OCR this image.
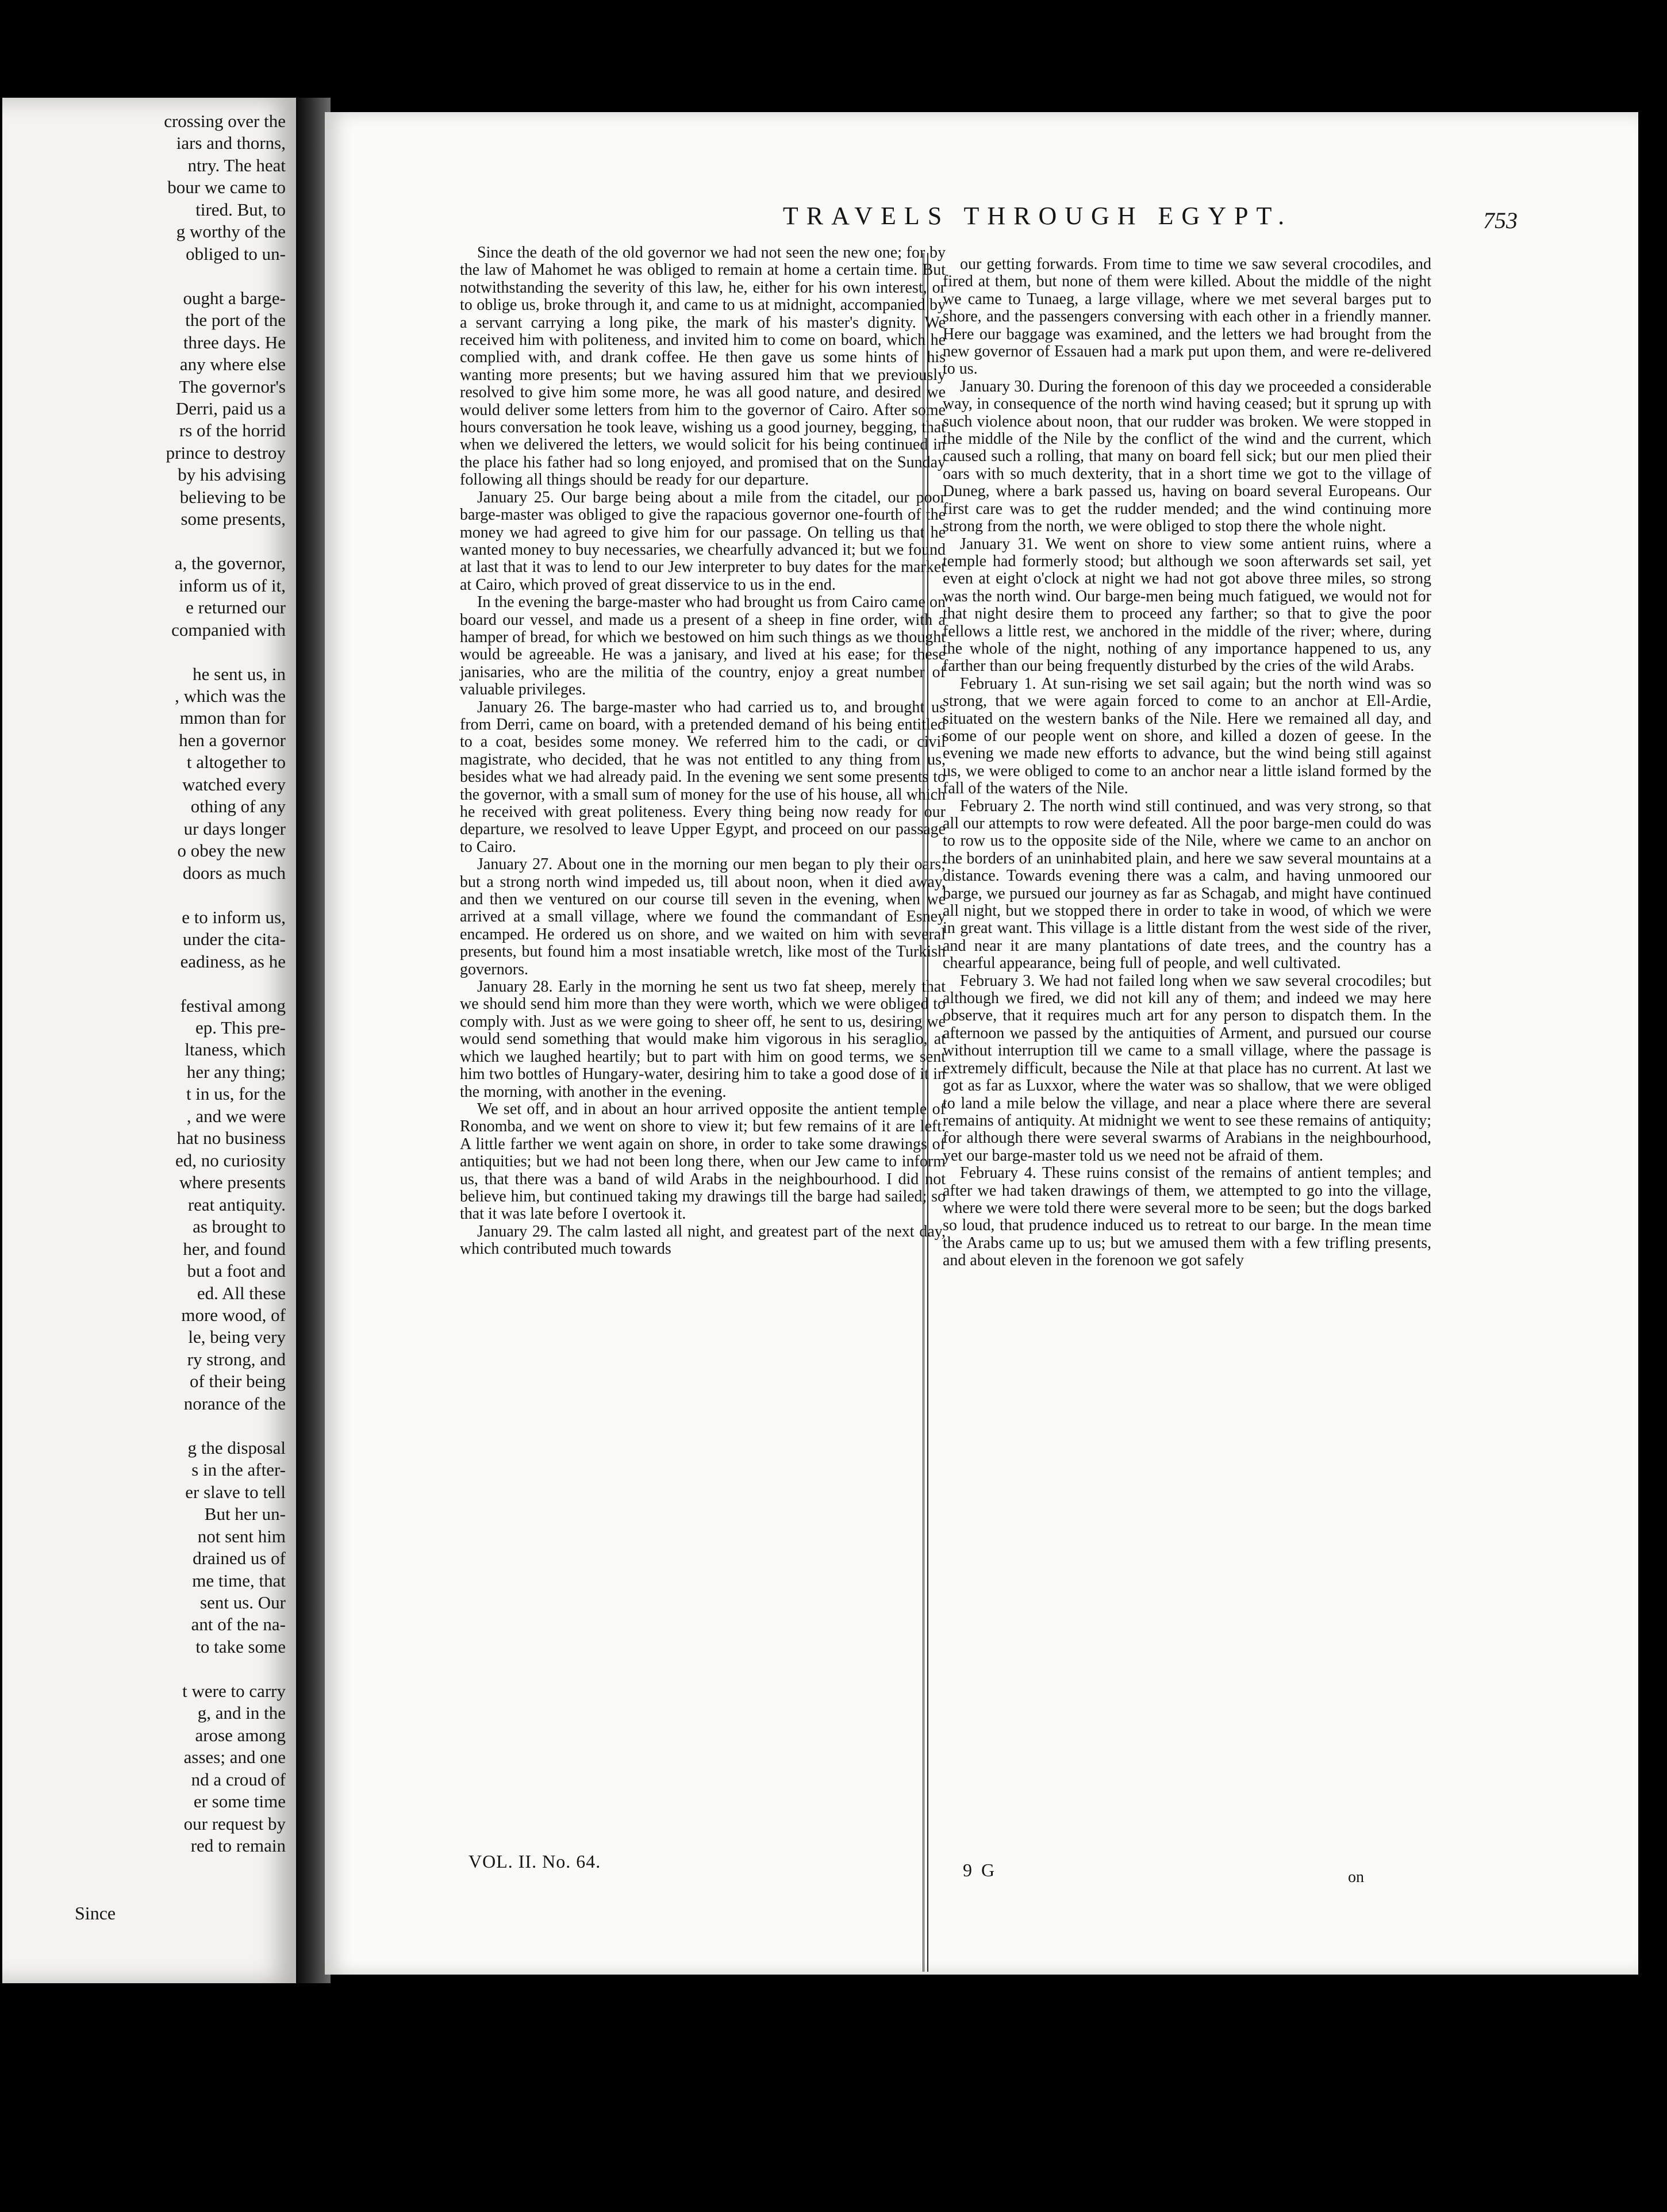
crossing over the
iars and thorns,
ntry. The heat
bour we came to
tired. But, to
g worthy of the
obliged to un-
ought a barge-
the port of the
three days. He
any where else
The governor's
Derri, paid us a
rs of the horrid
prince to destroy
by his advising
believing to be
some presents,
a, the governor,
inform us of it,
e returned our
companied with
he sent us, in
, which was the
mmon than for
hen a governor
t altogether to
watched every
othing of any
ur days longer
o obey the new
doors as much
e to inform us,
under the cita-
eadiness, as he
festival among
ep. This pre-
ltaness, which
her any thing;
t in us, for the
, and we were
hat no business
ed, no curiosity
where presents
reat antiquity.
as brought to
her, and found
but a foot and
ed. All these
more wood, of
le, being very
ry strong, and
of their being
norance of the
g the disposal
s in the after-
er slave to tell
But her un-
not sent him
drained us of
me time, that
sent us. Our
ant of the na-
to take some
t were to carry
g, and in the
arose among
asses; and one
nd a croud of
er some time
our request by
red to remain
Since
TRAVELS THROUGH EGYPT.	753

Since the death of the old governor we had not seen the new one; for by the law of Mahomet he was obliged to remain at home a certain time. But notwithstanding the severity of this law, he, either for his own interest, or to oblige us, broke through it, and came to us at midnight, accompanied by a servant carrying a long pike, the mark of his master's dignity. We received him with politeness, and invited him to come on board, which he complied with, and drank coffee. He then gave us some hints of his wanting more presents; but we having assured him that we previously resolved to give him some more, he was all good nature, and desired we would deliver some letters from him to the governor of Cairo. After some hours conversation he took leave, wishing us a good journey, begging, that when we delivered the letters, we would solicit for his being continued in the place his father had so long enjoyed, and promised that on the Sunday following all things should be ready for our departure.

January 25. Our barge being about a mile from the citadel, our poor barge-master was obliged to give the rapacious governor one-fourth of the money we had agreed to give him for our passage. On telling us that he wanted money to buy necessaries, we chearfully advanced it; but we found at last that it was to lend to our Jew interpreter to buy dates for the market at Cairo, which proved of great disservice to us in the end.

In the evening the barge-master who had brought us from Cairo came on board our vessel, and made us a present of a sheep in fine order, with a hamper of bread, for which we bestowed on him such things as we thought would be agreeable. He was a janisary, and lived at his ease; for these janisaries, who are the militia of the country, enjoy a great number of valuable privileges.

January 26. The barge-master who had carried us to, and brought us from Derri, came on board, with a pretended demand of his being entitled to a coat, besides some money. We referred him to the cadi, or civil magistrate, who decided, that he was not entitled to any thing from us, besides what we had already paid. In the evening we sent some presents to the governor, with a small sum of money for the use of his house, all which he received with great politeness. Every thing being now ready for our departure, we resolved to leave Upper Egypt, and proceed on our passage to Cairo.

January 27. About one in the morning our men began to ply their oars; but a strong north wind impeded us, till about noon, when it died away, and then we ventured on our course till seven in the evening, when we arrived at a small village, where we found the commandant of Esney encamped. He ordered us on shore, and we waited on him with several presents, but found him a most insatiable wretch, like most of the Turkish governors.

January 28. Early in the morning he sent us two fat sheep, merely that we should send him more than they were worth, which we were obliged to comply with. Just as we were going to sheer off, he sent to us, desiring we would send something that would make him vigorous in his seraglio, at which we laughed heartily; but to part with him on good terms, we sent him two bottles of Hungary-water, desiring him to take a good dose of it in the morning, with another in the evening.

We set off, and in about an hour arrived opposite the antient temple of Ronomba, and we went on shore to view it; but few remains of it are left. A little farther we went again on shore, in order to take some drawings of antiquities; but we had not been long there, when our Jew came to inform us, that there was a band of wild Arabs in the neighbourhood. I did not believe him, but continued taking my drawings till the barge had sailed; so that it was late before I overtook it.

January 29. The calm lasted all night, and greatest part of the next day, which contributed much towards

our getting forwards. From time to time we saw several crocodiles, and fired at them, but none of them were killed. About the middle of the night we came to Tunaeg, a large village, where we met several barges put to shore, and the passengers conversing with each other in a friendly manner. Here our baggage was examined, and the letters we had brought from the new governor of Essauen had a mark put upon them, and were re-delivered to us.

January 30. During the forenoon of this day we proceeded a considerable way, in consequence of the north wind having ceased; but it sprung up with such violence about noon, that our rudder was broken. We were stopped in the middle of the Nile by the conflict of the wind and the current, which caused such a rolling, that many on board fell sick; but our men plied their oars with so much dexterity, that in a short time we got to the village of Duneg, where a bark passed us, having on board several Europeans. Our first care was to get the rudder mended; and the wind continuing more strong from the north, we were obliged to stop there the whole night.

January 31. We went on shore to view some antient ruins, where a temple had formerly stood; but although we soon afterwards set sail, yet even at eight o'clock at night we had not got above three miles, so strong was the north wind. Our barge-men being much fatigued, we would not for that night desire them to proceed any farther; so that to give the poor fellows a little rest, we anchored in the middle of the river; where, during the whole of the night, nothing of any importance happened to us, any farther than our being frequently disturbed by the cries of the wild Arabs.

February 1. At sun-rising we set sail again; but the north wind was so strong, that we were again forced to come to an anchor at Ell-Ardie, situated on the western banks of the Nile. Here we remained all day, and some of our people went on shore, and killed a dozen of geese. In the evening we made new efforts to advance, but the wind being still against us, we were obliged to come to an anchor near a little island formed by the fall of the waters of the Nile.

February 2. The north wind still continued, and was very strong, so that all our attempts to row were defeated. All the poor barge-men could do was to row us to the opposite side of the Nile, where we came to an anchor on the borders of an uninhabited plain, and here we saw several mountains at a distance. Towards evening there was a calm, and having unmoored our barge, we pursued our journey as far as Schagab, and might have continued all night, but we stopped there in order to take in wood, of which we were in great want. This village is a little distant from the west side of the river, and near it are many plantations of date trees, and the country has a chearful appearance, being full of people, and well cultivated.

February 3. We had not failed long when we saw several crocodiles; but although we fired, we did not kill any of them; and indeed we may here observe, that it requires much art for any person to dispatch them. In the afternoon we passed by the antiquities of Arment, and pursued our course without interruption till we came to a small village, where the passage is extremely difficult, because the Nile at that place has no current. At last we got as far as Luxxor, where the water was so shallow, that we were obliged to land a mile below the village, and near a place where there are several remains of antiquity. At midnight we went to see these remains of antiquity; for although there were several swarms of Arabians in the neighbourhood, yet our barge-master told us we need not be afraid of them.

February 4. These ruins consist of the remains of antient temples; and after we had taken drawings of them, we attempted to go into the village, where we were told there were several more to be seen; but the dogs barked so loud, that prudence induced us to retreat to our barge. In the mean time the Arabs came up to us; but we amused them with a few trifling presents, and about eleven in the forenoon we got safely

VOL. II. No. 64.	9 G	on
